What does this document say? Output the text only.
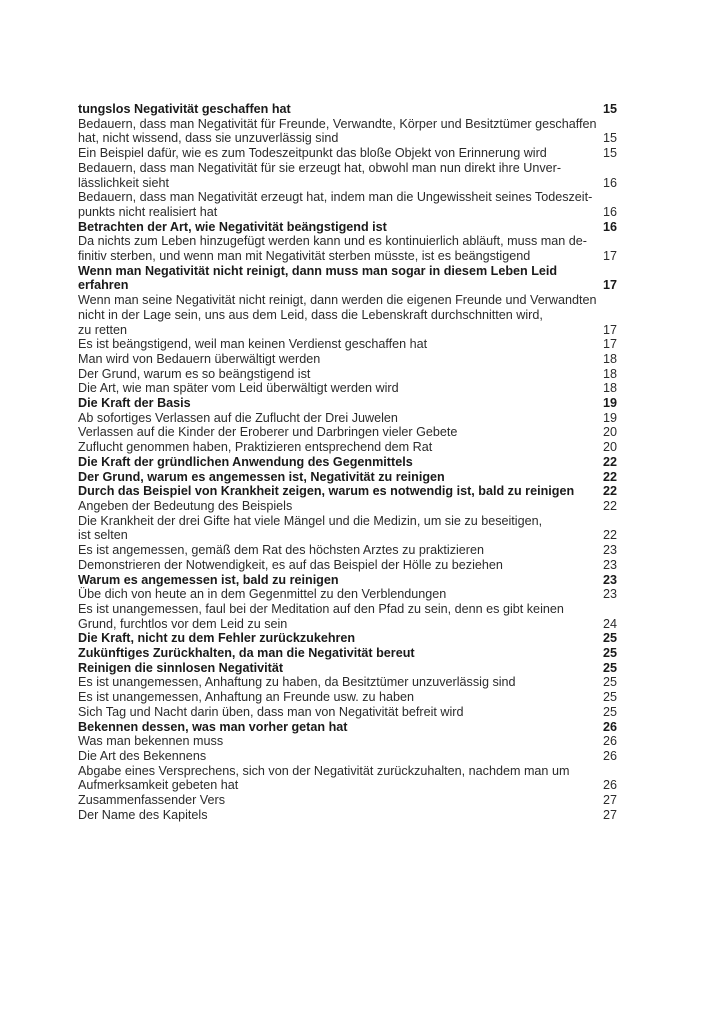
tungslos Negativität geschaffen hat	15
Bedauern, dass man Negativität für Freunde, Verwandte, Körper und Besitztümer geschaffen
hat, nicht wissend, dass sie unzuverlässig sind	15
Ein Beispiel dafür, wie es zum Todeszeitpunkt das bloße Objekt von Erinnerung wird	15
Bedauern, dass man Negativität für sie erzeugt hat, obwohl man nun direkt ihre Unver-
lässlichkeit sieht	16
Bedauern, dass man Negativität erzeugt hat, indem man die Ungewissheit seines Todeszeit-
punkts nicht realisiert hat	16
Betrachten der Art, wie Negativität beängstigend ist	16
Da nichts zum Leben hinzugefügt werden kann und es kontinuierlich abläuft, muss man de-
finitiv sterben, und wenn man mit Negativität sterben müsste, ist es beängstigend	17
Wenn man Negativität nicht reinigt, dann muss man sogar in diesem Leben Leid
erfahren	17
Wenn man seine Negativität nicht reinigt, dann werden die eigenen Freunde und Verwandten
nicht in der Lage sein, uns aus dem Leid, dass die Lebenskraft durchschnitten wird,
zu retten	17
Es ist beängstigend, weil man keinen Verdienst geschaffen hat	17
Man wird von Bedauern überwältigt werden	18
Der Grund, warum es so beängstigend ist	18
Die Art, wie man später vom Leid überwältigt werden wird	18
Die Kraft der Basis	19
Ab sofortiges Verlassen auf die Zuflucht der Drei Juwelen	19
Verlassen auf die Kinder der Eroberer und Darbringen vieler Gebete	20
Zuflucht genommen haben, Praktizieren entsprechend dem Rat	20
Die Kraft der gründlichen Anwendung des Gegenmittels	22
Der Grund, warum es angemessen ist, Negativität zu reinigen	22
Durch das Beispiel von Krankheit zeigen, warum es notwendig ist, bald zu reinigen	22
Angeben der Bedeutung des Beispiels	22
Die Krankheit der drei Gifte hat viele Mängel und die Medizin, um sie zu beseitigen,
ist selten	22
Es ist angemessen, gemäß dem Rat des höchsten Arztes zu praktizieren	23
Demonstrieren der Notwendigkeit, es auf das Beispiel der Hölle zu beziehen	23
Warum es angemessen ist, bald zu reinigen	23
Übe dich von heute an in dem Gegenmittel zu den Verblendungen	23
Es ist unangemessen, faul bei der Meditation auf den Pfad zu sein, denn es gibt keinen
Grund, furchtlos vor dem Leid zu sein	24
Die Kraft, nicht zu dem Fehler zurückzukehren	25
Zukünftiges Zurückhalten, da man die Negativität bereut	25
Reinigen die sinnlosen Negativität	25
Es ist unangemessen, Anhaftung zu haben, da Besitztümer unzuverlässig sind	25
Es ist unangemessen, Anhaftung an Freunde usw. zu haben	25
Sich Tag und Nacht darin üben, dass man von Negativität befreit wird	25
Bekennen dessen, was man vorher getan hat	26
Was man bekennen muss	26
Die Art des Bekennens	26
Abgabe eines Versprechens, sich von der Negativität zurückzuhalten, nachdem man um
Aufmerksamkeit gebeten hat	26
Zusammenfassender Vers	27
Der Name des Kapitels	27
